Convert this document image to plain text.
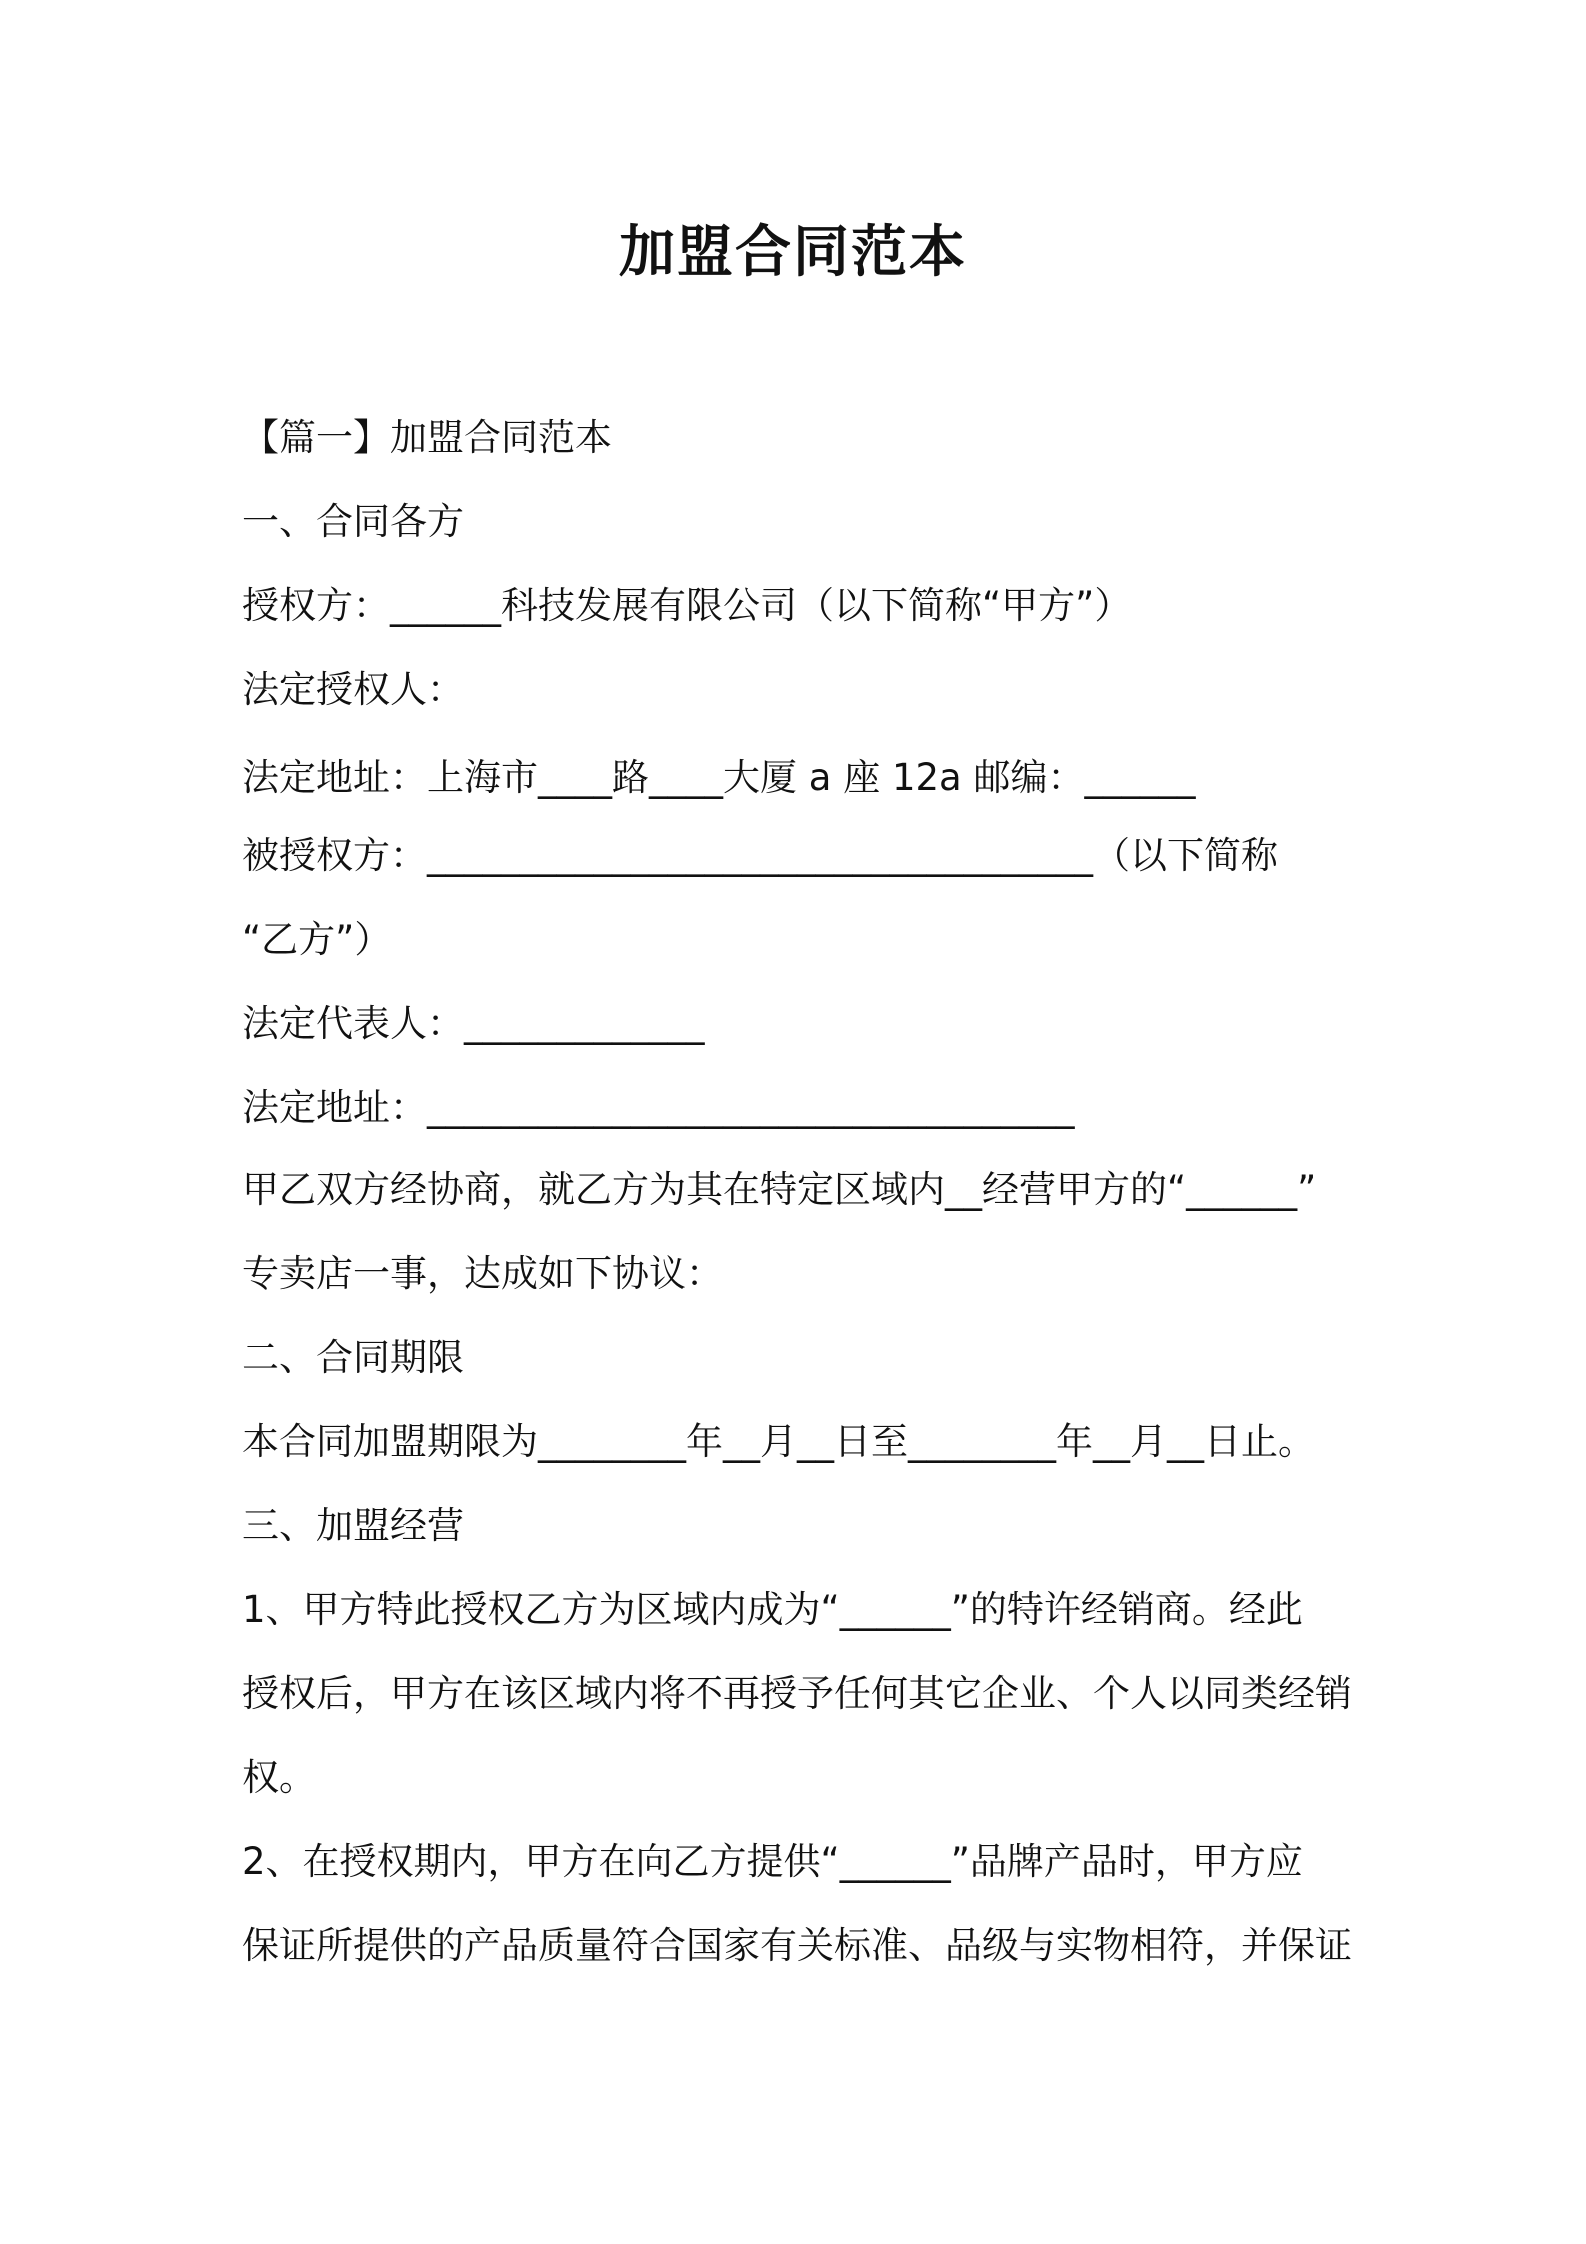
加盟合同范本
【篇一】加盟合同范本
一、合同各方
授权方：______科技发展有限公司（以下简称“甲方”）
法定授权人：
法定地址：上海市____路____大厦 a 座 12a 邮编：______
被授权方：____________________________________（以下简称
“乙方”）
法定代表人：_____________
法定地址：___________________________________
甲乙双方经协商，就乙方为其在特定区域内__经营甲方的“______”
专卖店一事，达成如下协议：
二、合同期限
本合同加盟期限为________年__月__日至________年__月__日止。
三、加盟经营
1、甲方特此授权乙方为区域内成为“______”的特许经销商。经此
授权后，甲方在该区域内将不再授予任何其它企业、个人以同类经销
权。
2、在授权期内，甲方在向乙方提供“______”品牌产品时，甲方应
保证所提供的产品质量符合国家有关标准、品级与实物相符，并保证
